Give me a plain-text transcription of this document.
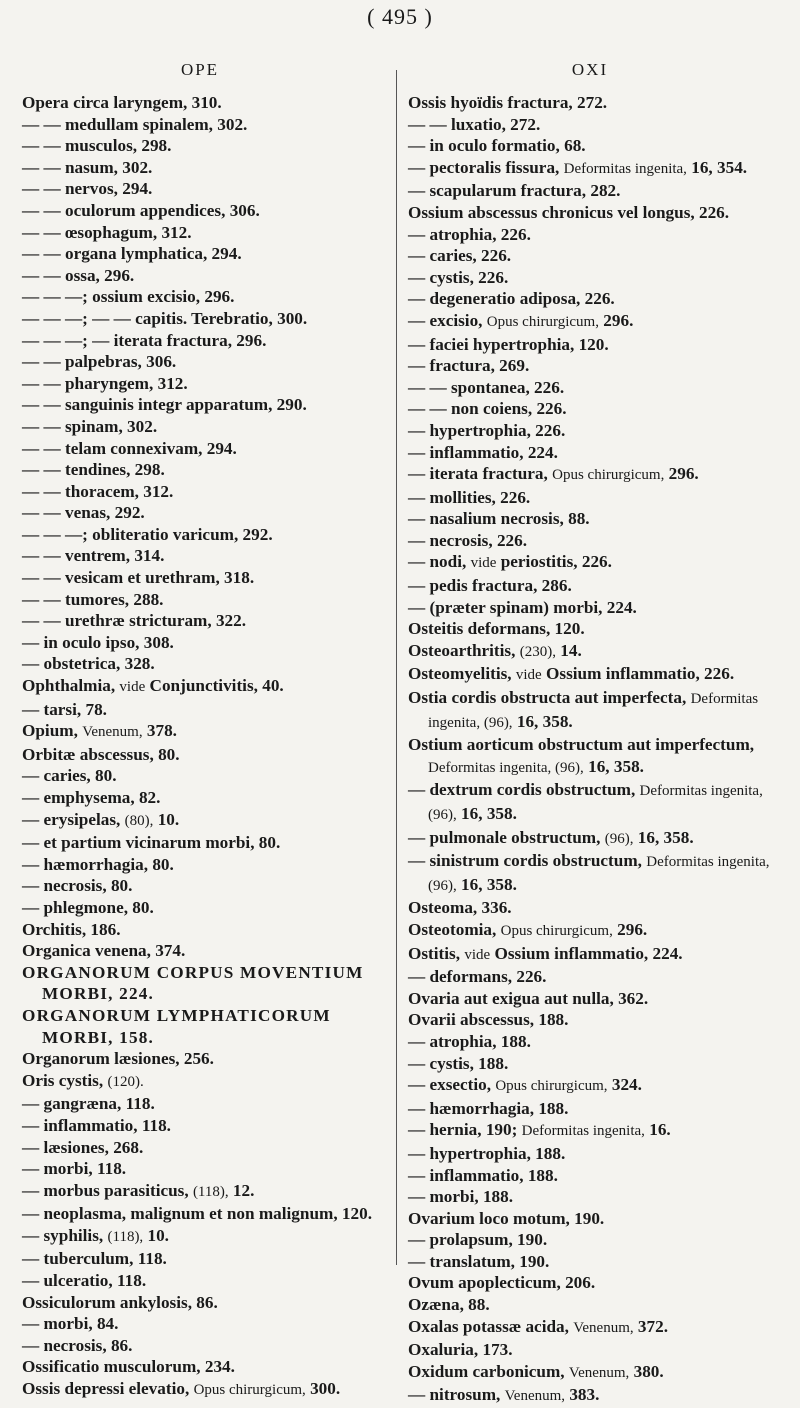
( 495 )
OPE	OXI
Opera circa laryngem, 310.
— — medullam spinalem, 302.
— — musculos, 298.
— — nasum, 302.
— — nervos, 294.
— — oculorum appendices, 306.
— — œsophagum, 312.
— — organa lymphatica, 294.
— — ossa, 296.
— — —; ossium excisio, 296.
— — —; — — capitis. Terebratio, 300.
— — —; — iterata fractura, 296.
— — palpebras, 306.
— — pharyngem, 312.
— — sanguinis integr apparatum, 290.
— — spinam, 302.
— — telam connexivam, 294.
— — tendines, 298.
— — thoracem, 312.
— — venas, 292.
— — —; obliteratio varicum, 292.
— — ventrem, 314.
— — vesicam et urethram, 318.
— — tumores, 288.
— — urethræ stricturam, 322.
— in oculo ipso, 308.
— obstetrica, 328.
Ophthalmia, vide Conjunctivitis, 40.
— tarsi, 78.
Opium, Venenum, 378.
Orbitæ abscessus, 80.
— caries, 80.
— emphysema, 82.
— erysipelas, (80), 10.
— et partium vicinarum morbi, 80.
— hæmorrhagia, 80.
— necrosis, 80.
— phlegmone, 80.
Orchitis, 186.
Organica venena, 374.
ORGANORUM CORPUS MOVENTIUM MORBI, 224.
ORGANORUM LYMPHATICORUM MORBI, 158.
Organorum læsiones, 256.
Oris cystis, (120).
— gangræna, 118.
— inflammatio, 118.
— læsiones, 268.
— morbi, 118.
— morbus parasiticus, (118), 12.
— neoplasma, malignum et non malignum, 120.
— syphilis, (118), 10.
— tuberculum, 118.
— ulceratio, 118.
Ossiculorum ankylosis, 86.
— morbi, 84.
— necrosis, 86.
Ossificatio musculorum, 234.
Ossis depressi elevatio, Opus chirurgicum, 300.
Ossis hyoïdis fractura, 272.
— — luxatio, 272.
— in oculo formatio, 68.
— pectoralis fissura, Deformitas ingenita, 16, 354.
— scapularum fractura, 282.
Ossium abscessus chronicus vel longus, 226.
— atrophia, 226.
— caries, 226.
— cystis, 226.
— degeneratio adiposa, 226.
— excisio, Opus chirurgicum, 296.
— faciei hypertrophia, 120.
— fractura, 269.
— — spontanea, 226.
— — non coiens, 226.
— hypertrophia, 226.
— inflammatio, 224.
— iterata fractura, Opus chirurgicum, 296.
— mollities, 226.
— nasalium necrosis, 88.
— necrosis, 226.
— nodi, vide periostitis, 226.
— pedis fractura, 286.
— (præter spinam) morbi, 224.
Osteitis deformans, 120.
Osteoarthritis, (230), 14.
Osteomyelitis, vide Ossium inflammatio, 226.
Ostia cordis obstructa aut imperfecta, Deformitas ingenita, (96), 16, 358.
Ostium aorticum obstructum aut imperfectum, Deformitas ingenita, (96), 16, 358.
— dextrum cordis obstructum, Deformitas ingenita, (96), 16, 358.
— pulmonale obstructum, (96), 16, 358.
— sinistrum cordis obstructum, Deformitas ingenita, (96), 16, 358.
Osteoma, 336.
Osteotomia, Opus chirurgicum, 296.
Ostitis, vide Ossium inflammatio, 224.
— deformans, 226.
Ovaria aut exigua aut nulla, 362.
Ovarii abscessus, 188.
— atrophia, 188.
— cystis, 188.
— exsectio, Opus chirurgicum, 324.
— hæmorrhagia, 188.
— hernia, 190; Deformitas ingenita, 16.
— hypertrophia, 188.
— inflammatio, 188.
— morbi, 188.
Ovarium loco motum, 190.
— prolapsum, 190.
— translatum, 190.
Ovum apoplecticum, 206.
Ozæna, 88.
Oxalas potassæ acida, Venenum, 372.
Oxaluria, 173.
Oxidum carbonicum, Venenum, 380.
— nitrosum, Venenum, 383.
